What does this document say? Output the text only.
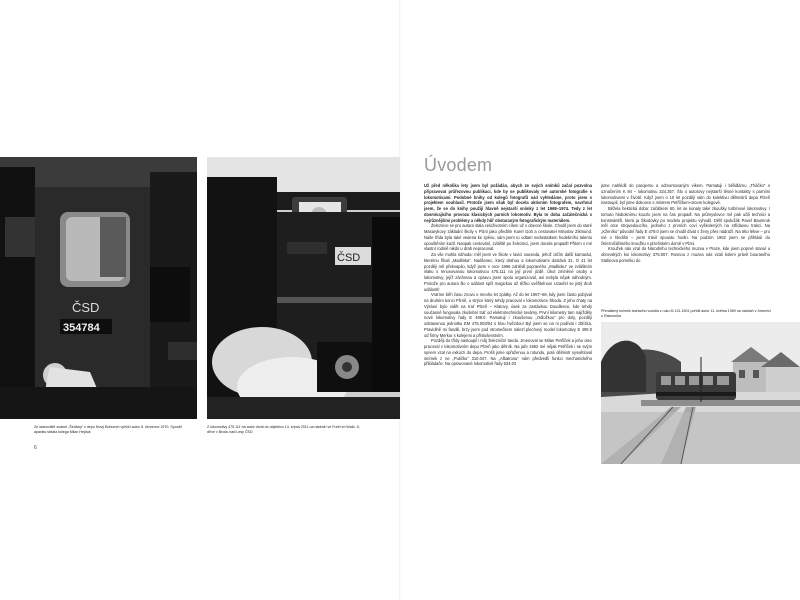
ČSD
354784
ČSD
Ze stanoviště známé „Šedivky“ v depu Nový Bohumín vyhlíží autor 8. července 1970. Spoušť aparátu stiskla kolega Milan Hejduk
Z lokomotivy 475.111 na autor dívat do objektivu 14. srpna 2011 na nádraží ve Furth im Wald. Ji, dříve v Brodu nad Lesy ČSD
6
Úvodem

Už před několika lety jsem byl požádán, abych ze svých snímků začal pozvolna připravovat průřezovou publikaci, kde by se publikovaly mé autorské fotografie s lokomotivami. Podobné knihy od kolegů fotografů nád vyhledáme, proto jsem s projektem souhlasil. Protože jsem však byl docela aktivním fotografem, navrhnul jsem, že se do knihy použijí hlavně nejstarší snímky z let 1968–1974. Tedy z let dosmívajícího provozu klasických parních lokomotiv. Byla to doba začátečnická s nejrůznějšími problémy a někdy hůř obstaraným fotografickým materiálem.

Železnice se pro autora stala celoživotním cílem už v obecné škole. Chodil jsem do staré Masarykovy základní školy v Plzni jako předtím Karel Gott a cestovatel Miroslav Zikmund. Naše třída byla také vedena ke zpěvu, sám jsem to odtam nedostatkem hudebního talentu opouštěním kazil. Naopak cestování, zvláště po železnici, jsem docela propadl! Přitom v mé vlastní rodině nikdo u drah nepracoval.

Za vše mohla náhoda: měl jsem ve škole v lavici souseda, jehož otčím další kamarád, kterému říkali „Madlinka“. Nadšenec, který drahou a lokomotivami dostává 31. O 41 let později mě překvapilo, když jsem v roce 1996 zahlédl popraného „Madlinku“ ve zvláštním vlaku s renovovanou lokomotivou 475.111 na její první jízdě. Úkol zmíněné osoby u lokomotivy, jejíž záchranu a opravu jsem spolu organizoval, asi nebyla nějak náhodným. Protože pro autora šlo o událost spíš magickou až těžko uvěřitelnou! Uzavřel se jistý druh událostí!

Vraťme běh času znovu o mnoho let zpátky. Až do let 1967–68, kdy jsem často pobýval na druhém konci Plzně, u strýce který tehdy pracoval v lokomotivce Škoda. Z jeho chaty na Výsluní bylo vidět na trať Plzeň – Klatovy, úsek za zastávkou Doudlevce, kde tehdy současně fungovala zkušební trať od elektrotechnické továrny. První kilometry tam najížděly nové lokomotivy řady E 499.0. Pamatuji i zkoušenou „Odložkou“ pro doly, později odstavenou jednotku EM 475.003/04 s blou hvězdou! Byl jsem se na ni podívat i zblízka. Pravidlně mi fandili, brzy jsem pod stromečkem nalezl plechový model lokomotivy E 499.0 od firmy Merkur s kolejemi a příslušenstvím.

Později do třídy nastoupil i můj železniční tanda. Jmenoval se Milan Petříček a jeho otec pracoval v lokomotivním depu Plzeň jako dělník. Na jaře 1962 mé nějak Petříček i se svým synem vzal na exkurzi do depa. Prošli jsme spřaženou a rotundu, poté dělmistr vysvětloval snímek z ne „Putičku“ 310.047. Na „Albatrosu“ nám předvedli funkci mechanického přikládače. Na opravované lokomotivě řady 534.03

jsme nahlédli do parojemu a odmontovaným víkem. Pamatuji i bělídlárnu „Tháčko“ s označením K 94 – lokomotivu 324.357. Šlo o autorovy nejstarší těsné kontakty s parními lokomotivami v životě. Když jsem o 10 let později sám do kolektivu dělmistrů depa Plzeň nastoupil, byl jsme dokonce s mistrem Petříčkem-otcem kolegové.

Běžela hektická doba: začátkem 60. let se konaly také zkoušky turbínové lokomotivy. I tomuto hluboknímu kouzlu jsem na čas propadl. Na průmyslovce mě pak učili technici a konstruktéři, která ja Škodovky po modelu projektu vyhodil. Dělil spolužák Pavel Baumruk měl otce strojvedoucího, jednoho z prvních coví vyškolených na střídavou trakci. Na „Kženíku“ původní řady E 479.0 jsem se chodil dívat s ženy přes nádraží. Na této lékve – pro mé v hledišti – jsem trávil spoustu hodin. Na podzim 1962 jsem se přihlásil do železničářského kroužku v plzeňském domě v Plzni.

Kroužek nás vzal do Národního technického muzea v Praze, kde jsem poprvé stanul u obrovských koi lokomotivy 375.007. Rovnou z muzea nás vzali kolem právě bourаného Stalinova pomníku do

Přenášený snímek tvařácího vozidla z roku M 131.1501 pořídil autor 11. května 1969 na nádraží v Jesenici u Rakovníka
